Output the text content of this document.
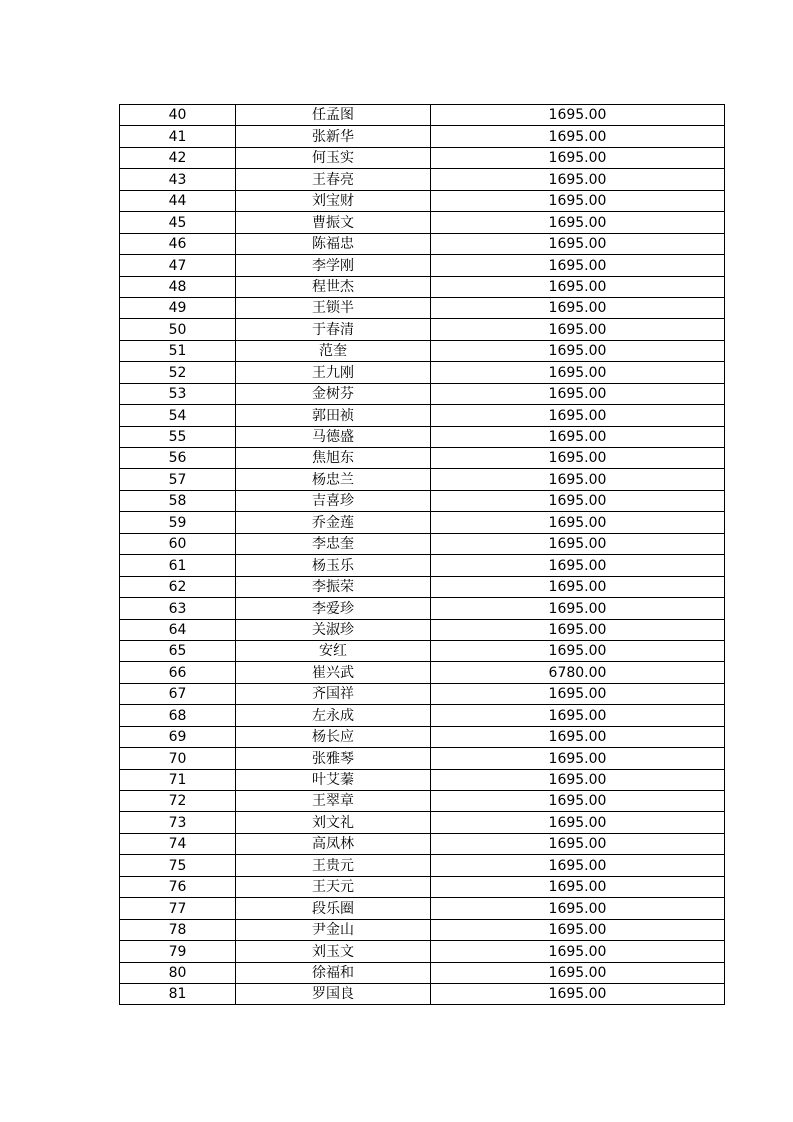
40	任孟图	1695.00
41	张新华	1695.00
42	何玉实	1695.00
43	王春亮	1695.00
44	刘宝财	1695.00
45	曹振文	1695.00
46	陈福忠	1695.00
47	李学刚	1695.00
48	程世杰	1695.00
49	王锁半	1695.00
50	于春清	1695.00
51	范奎	1695.00
52	王九刚	1695.00
53	金树芬	1695.00
54	郭田祯	1695.00
55	马德盛	1695.00
56	焦旭东	1695.00
57	杨忠兰	1695.00
58	吉喜珍	1695.00
59	乔金莲	1695.00
60	李忠奎	1695.00
61	杨玉乐	1695.00
62	李振荣	1695.00
63	李爱珍	1695.00
64	关淑珍	1695.00
65	安红	1695.00
66	崔兴武	6780.00
67	齐国祥	1695.00
68	左永成	1695.00
69	杨长应	1695.00
70	张雅琴	1695.00
71	叶艾蓁	1695.00
72	王翠章	1695.00
73	刘文礼	1695.00
74	高凤林	1695.00
75	王贵元	1695.00
76	王天元	1695.00
77	段乐圈	1695.00
78	尹金山	1695.00
79	刘玉文	1695.00
80	徐福和	1695.00
81	罗国良	1695.00
